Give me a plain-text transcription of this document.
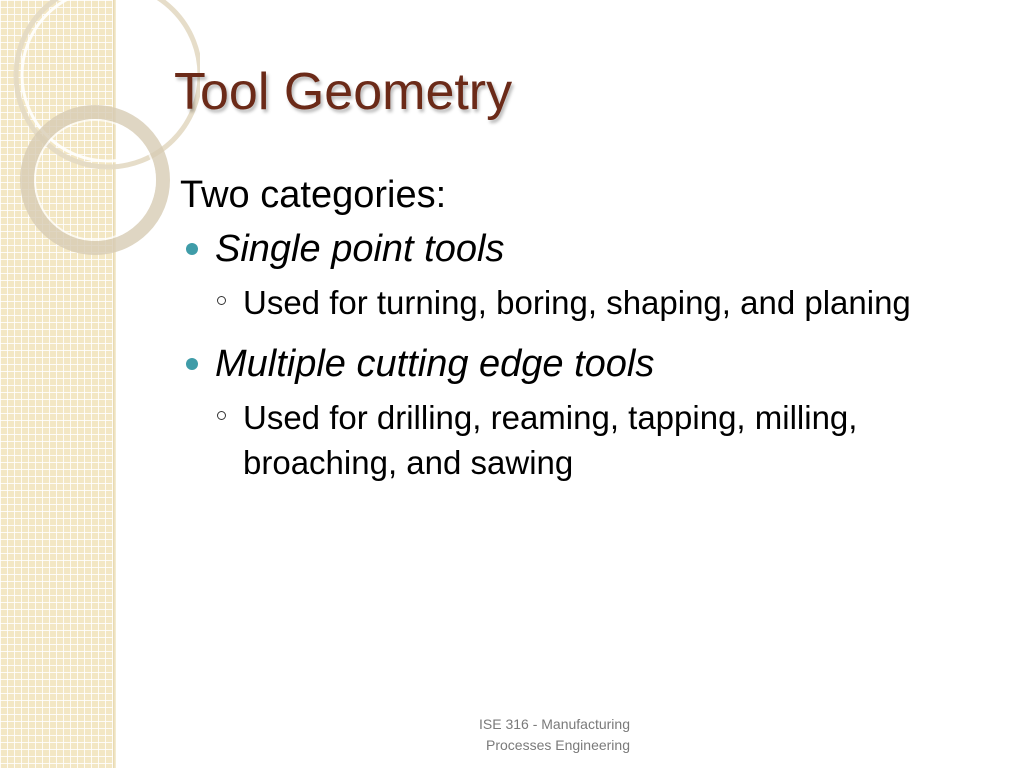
Tool Geometry

Two categories:

Single point tools

Used for turning, boring, shaping, and planing

Multiple cutting edge tools

Used for drilling, reaming, tapping, milling, broaching, and sawing

ISE 316 - Manufacturing
Processes Engineering
